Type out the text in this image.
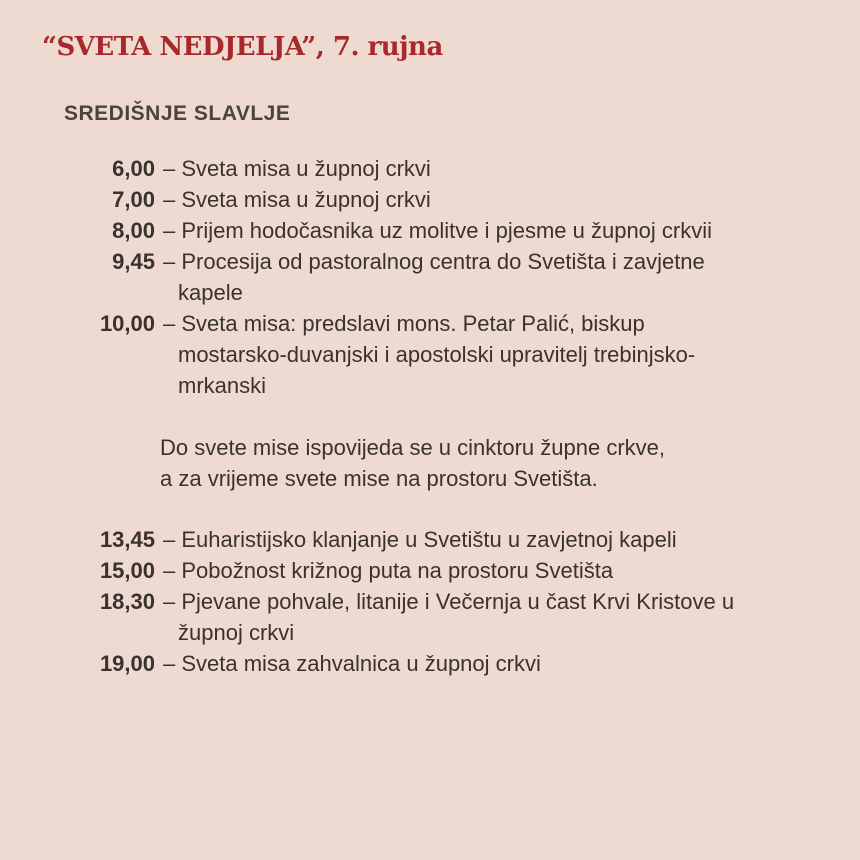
“SVETA NEDJELJA”, 7. rujna
SREDIŠNJE SLAVLJE
6,00 – Sveta misa u župnoj crkvi
7,00 – Sveta misa u župnoj crkvi
8,00 – Prijem hodočasnika uz molitve i pjesme u župnoj crkvii
9,45 – Procesija od pastoralnog centra do Svetišta i zavjetne
kapele
10,00 – Sveta misa: predslavi mons. Petar Palić, biskup
mostarsko-duvanjski i apostolski upravitelj trebinjsko-
mrkanski

Do svete mise ispovijeda se u cinktoru župne crkve,
a za vrijeme svete mise na prostoru Svetišta.

13,45 – Euharistijsko klanjanje u Svetištu u zavjetnoj kapeli
15,00 – Pobožnost križnog puta na prostoru Svetišta
18,30 – Pjevane pohvale, litanije i Večernja u čast Krvi Kristove u
župnoj crkvi
19,00 – Sveta misa zahvalnica u župnoj crkvi
